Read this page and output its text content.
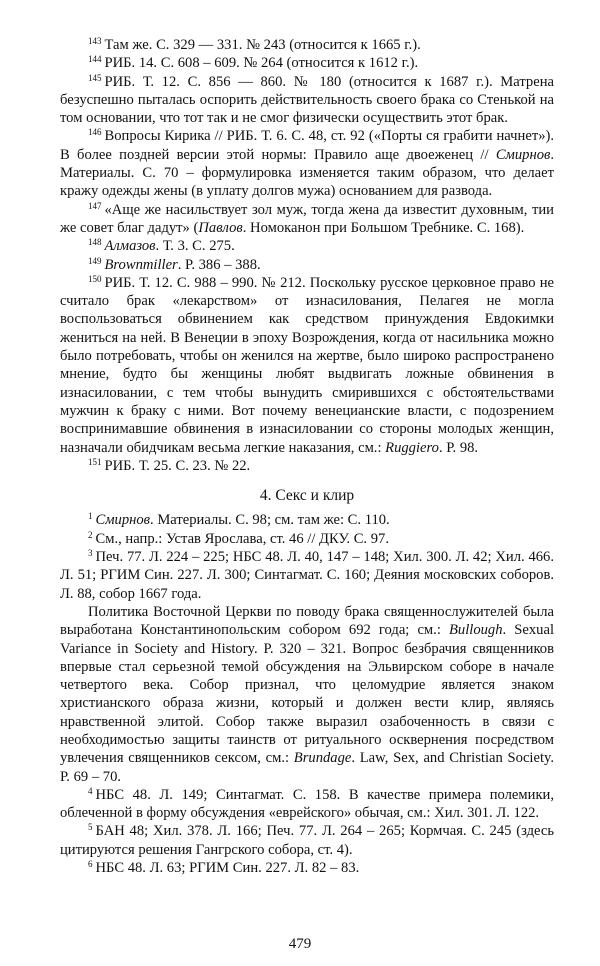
$^{143}$ Там же. С. 329 — 331. № 243 (относится к 1665 г.).

$^{144}$ РИБ. 14. С. 608 – 609. № 264 (относится к 1612 г.).

$^{145}$ РИБ. Т. 12. С. 856 — 860. № 180 (относится к 1687 г.). Матрена безуспешно пыталась оспорить действительность своего брака со Стенькой на том основании, что тот так и не смог физически осуществить этот брак.

$^{146}$ Вопросы Кирика // РИБ. Т. 6. С. 48, ст. 92 («Порты ся грабити начнет»). В более поздней версии этой нормы: Правило аще двоеженец // Смирнов. Материалы. С. 70 – формулировка изменяется таким образом, что делает кражу одежды жены (в уплату долгов мужа) основанием для развода.

$^{147}$ «Аще же насильствует зол муж, тогда жена да известит духовным, тии же совет благ дадут» (Павлов. Номоканон при Большом Требнике. С. 168).

$^{148}$ Алмазов. Т. 3. С. 275.

$^{149}$ Brownmiller. Р. 386 – 388.

$^{150}$ РИБ. Т. 12. С. 988 – 990. № 212. Поскольку русское церковное право не считало брак «лекарством» от изнасилования, Пелагея не могла воспользоваться обвинением как средством принуждения Евдокимки жениться на ней. В Венеции в эпоху Возрождения, когда от насильника можно было потребовать, чтобы он женился на жертве, было широко распространено мнение, будто бы женщины любят выдвигать ложные обвинения в изнасиловании, с тем чтобы вынудить смирившихся с обстоятельствами мужчин к браку с ними. Вот почему венецианские власти, с подозрением воспринимавшие обвинения в изнасиловании со стороны молодых женщин, назначали обидчикам весьма легкие наказания, см.: Ruggiero. Р. 98.

$^{151}$ РИБ. Т. 25. С. 23. № 22.

4. Секс и клир

$^1$ Смирнов. Материалы. С. 98; см. там же: С. 110.

$^2$ См., напр.: Устав Ярослава, ст. 46 // ДКУ. С. 97.

$^3$ Печ. 77. Л. 224 – 225; НБС 48. Л. 40, 147 – 148; Хил. 300. Л. 42; Хил. 466. Л. 51; РГИМ Син. 227. Л. 300; Синтагмат. С. 160; Деяния московских соборов. Л. 88, собор 1667 года.

Политика Восточной Церкви по поводу брака священнослужителей была выработана Константинопольским собором 692 года; см.: Bullough. Sexual Variance in Society and History. Р. 320 – 321. Вопрос безбрачия священников впервые стал серьезной темой обсуждения на Эльвирском соборе в начале четвертого века. Собор признал, что целомудрие является знаком христианского образа жизни, который и должен вести клир, являясь нравственной элитой. Собор также выразил озабоченность в связи с необходимостью защиты таинств от ритуального осквернения посредством увлечения священников сексом, см.: Brundage. Law, Sex, and Christian Society. Р. 69 – 70.

$^4$ НБС 48. Л. 149; Синтагмат. С. 158. В качестве примера полемики, облеченной в форму обсуждения «еврейского» обычая, см.: Хил. 301. Л. 122.

$^5$ БАН 48; Хил. 378. Л. 166; Печ. 77. Л. 264 – 265; Кормчая. С. 245 (здесь цитируются решения Гангрского собора, ст. 4).

$^6$ НБС 48. Л. 63; РГИМ Син. 227. Л. 82 – 83.

479
